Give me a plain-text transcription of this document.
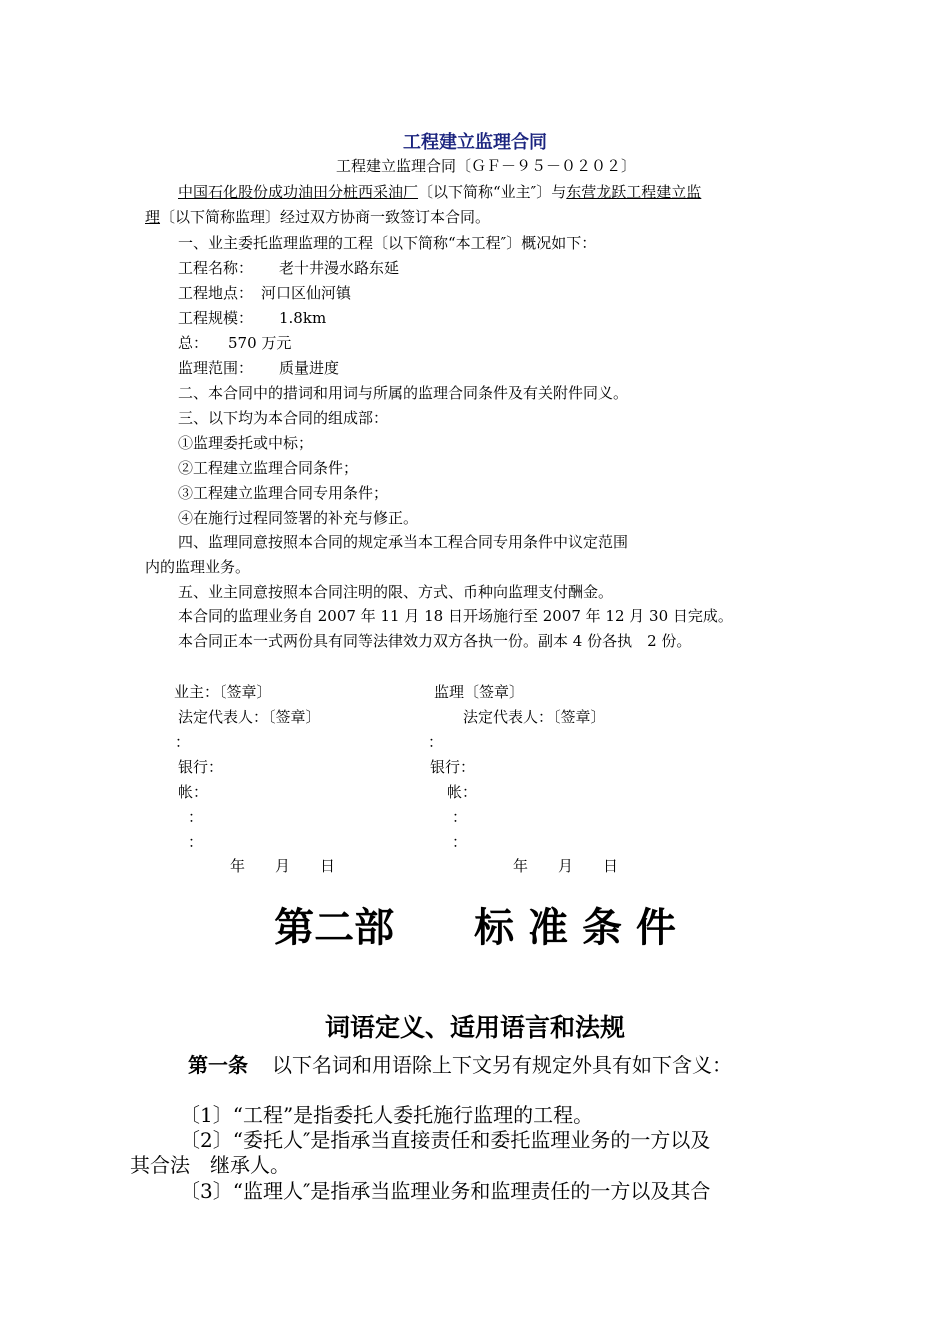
工程建立监理合同
工程建立监理合同〔ＧＦ－９５－０２０２〕
中国石化股份成功油田分桩西采油厂〔以下简称“业主″〕与东营龙跃工程建立监
理〔以下简称监理〕经过双方协商一致签订本合同。
一、业主委托监理监理的工程〔以下简称“本工程″〕概况如下：
工程名称： 老十井漫水路东延
工程地点： 河口区仙河镇
工程规模： 1.8km
总： 570 万元
监理范围： 质量进度
二、本合同中的措词和用词与所属的监理合同条件及有关附件同义。
三、以下均为本合同的组成部：
①监理委托或中标；
②工程建立监理合同条件；
③工程建立监理合同专用条件；
④在施行过程同签署的补充与修正。
四、监理同意按照本合同的规定承当本工程合同专用条件中议定范围
内的监理业务。
五、业主同意按照本合同注明的限、方式、币种向监理支付酬金。
本合同的监理业务自 2007 年 11 月 18 日开场施行至 2007 年 12 月 30 日完成。
本合同正本一式两份具有同等法律效力双方各执一份。副本 4 份各执　2 份。
业主：〔签章〕
法定代表人：〔签章〕
：
银行：
帐：
：
：
年　　月　　日
监理〔签章〕
法定代表人：〔签章〕
：
银行：
帐：
：
：
年　　月　　日
第二部　　标 准 条 件
词语定义、适用语言和法规
第一条 以下名词和用语除上下文另有规定外具有如下含义：
〔1〕“工程”是指委托人委托施行监理的工程。
〔2〕“委托人″是指承当直接责任和委托监理业务的一方以及
其合法　继承人。
〔3〕“监理人″是指承当监理业务和监理责任的一方以及其合
